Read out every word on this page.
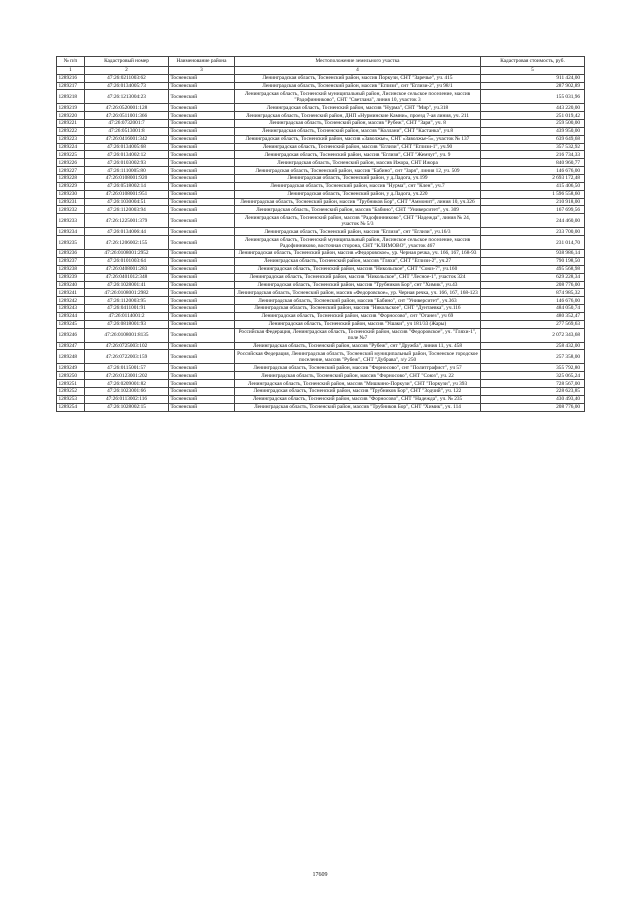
№ п/п	Кадастровый номер	Наименование района	Местоположение земельного участка	Кадастровая стоимость, руб.
1	2	3	4	5
1289216	47:26:0211003:62	Тосненский	Ленинградская область, Тосненский район, массив Поркузи, СНТ "Заречье", уч. 415	911 424,00
1289217	47:26:0134005:73	Тосненский	Ленинградская область, Тосненский район, массив "Еглизи", снт "Еглизи-2", уч 98/1	287 902,89
1289218	47:26:1213004:23	Тосненский	Ленинградская область, Тосненский муниципальный район, Лисинское сельское поселение, массив "Радофинниково", СНТ "Светлана", линия 10, участок 3	155 031,96
1289219	47:26:0520001:128	Тосненский	Ленинградская область, Тосненский район, массив "Нурма", СНТ "Мир", уч.318	443 220,00
1289220	47:26:0511001:366	Тосненский	Ленинградская область, Тосненский район, ДНП «Нурминские Камни», проезд 7-ая линия, уч. 211	251 019,42
1289221	47:26:0732001:7	Тосненский	Ленинградская область, Тосненский район, массив "Рубеж", СНТ "Заря", уч. 8	259 500,00
1289222	47:26:0513001:8	Тосненский	Ленинградская область, Тосненский район, массив "Коллани", СНТ "Кастанка", уч.8	439 950,00
1289223	47:26:0416001:342	Тосненский	Ленинградская область, Тосненский район, массив «Заволжье», СНТ «Заволжье-5», участок № 137	639 649,68
1289224	47:26:0134005:68	Тосненский	Ленинградская область, Тосненский район, массив "Еглизи", СНТ "Еглизи-1", уч.90	357 532,92
1289225	47:26:0134002:12	Тосненский	Ленинградская область, Тосненский район, массив "Еглизи", СНТ "Жемчуг", уч. 9	216 734,33
1289226	47:26:0103002:93	Тосненский	Ленинградская область, Тосненский район, массив Ижора, СНТ Ижора	840 960,77
1289227	47:26:1110005:80	Тосненский	Ленинградская область, Тосненский район, массив "Бабино", снт "Заря", линия 12, уч. 509	146 676,00
1289228	47:26:0108001:920	Тосненский	Ленинградская область, Тосненский район, у д.Ладога, уч.199	2 693 172,48
1289229	47:26:0518002:14	Тосненский	Ленинградская область, Тосненский район, массив "Нурма", снт "Клен", уч.7	415 406,50
1289230	47:26:0108001:951	Тосненский	Ленинградская область, Тосненский район, у д.Ладога, уч.220	1 596 558,60
1289231	47:26:1030004:51	Тосненский	Ленинградская область, Тосненский район, массив "Трубников Бор", СНТ "Аммонит", линия 10, уч.326	210 918,00
1289232	47:26:1120003:94	Тосненский	Ленинградская область, Тосненский район, массив "Бабино", СНТ "Университет", уч. 309	167 699,56
1289233	47:26:1225001:379	Тосненский	Ленинградская область, Тосненский район, массив "Радофинниково", СНТ "Надежда", линия № 24, участок № 5/3	244 460,00
1289234	47:26:0134006:44	Тосненский	Ленинградская область, Тосненский район, массив "Еглизи", снт "Еглизи", уч.16/3	233 700,00
1289235	47:26:1206002:155	Тосненский	Ленинградская область, Тосненский муниципальный район, Лисинское сельское поселение, массив Радофинниково, восточная сторона, СНТ "КЛИМОВО", участок 467	231 014,70
1289236	47:26:0108001:2952	Тосненский	Ленинградская область, Тосненский район, массив «Федоровское», ур. Черная речка, уч. 166, 167, 168-93	938 986,14
1289237	47:26:0101003:64	Тосненский	Ленинградская область, Тосненский район, массив "Гляхи", СНТ "Еглизи-2", уч.27	790 198,50
1289238	47:26:0408001:283	Тосненский	Ленинградская область, Тосненский район, массив "Никольское", СНТ "Союз-7", уч.160	495 568,98
1289239	47:26:0401012:348	Тосненский	Ленинградская область, Тосненский район, массив "Никольское", СНТ "Лесное-1", участок 324	629 228,34
1289240	47:26:1028001:41	Тосненский	Ленинградская область, Тосненский район, массив "Трубников Бор", снт "Химик", уч.43	208 776,00
1289241	47:26:0108001:2982	Тосненский	Ленинградская область, Тосненский район, массив «Федоровское», ур. Черная речка, уч. 166, 167, 168-123	874 985,32
1289242	47:26:1120003:95	Тосненский	Ленинградская область, Тосненский район, массив "Бабино", снт "Университет", уч.363	146 676,00
1289243	47:26:0411001:91	Тосненский	Ленинградская область, Тосненский район, массив "Никольское", СНТ "Дунтаевка", уч.116	484 050,74
1289244	47:26:0114001:2	Тосненский	Ленинградская область, Тосненский район, массив "Форносово", снт "Оганез", уч 69	480 352,47
1289245	47:26:0818001:93	Тосненский	Ленинградская область, Тосненский район, массив "Ушаки", уч 181/33 (Жары)	277 569,63
1289246	47:26:0108001:8135	Тосненский	Российская Федерация, Ленинградская область, Тосненский район, массив "Федоровское", уч. "Гляхи-1", поле №7	2 072 343,68
1289247	47:26:0725003:102	Тосненский	Ленинградская область, Тосненский район, массив "Рубеж", снт "Дружба", линия 11, уч. 458	258 432,00
1289248	47:26:0722003:159	Тосненский	Российская Федерация, Ленинградская область, Тосненский муниципальный район, Тосненское городское поселение, массив "Рубеж", СНТ "Дубрава", з/у 250	257 358,00
1289249	47:26:0115001:57	Тосненский	Ленинградская область, Тосненский район, массив "Форносово", снт "Политграфист", уч 57	355 792,80
1289250	47:26:0123001:202	Тосненский	Ленинградская область, Тосненский район, массив "Форносово", СНТ "Союз", уч. 22	325 065,24
1289251	47:26:0209001:82	Тосненский	Ленинградская область, Тосненский район, массив "Мишкино-Поркузи", СНТ "Поркузи", уч 393	728 567,00
1289252	47:26:1023001:66	Тосненский	Ленинградская область, Тосненский район, массив "Трубников Бор", СНТ "Зодчий", уч. 122	228 623,85
1289253	47:26:0113002:116	Тосненский	Ленинградская область, Тосненский район, массив "Форносово", СНТ "Надежда", уч. № 235	430 493,40
1289254	47:26:1028002:15	Тосненский	Ленинградская область, Тосненский район, массив "Трубников Бор", СНТ "Химик", уч. 114	208 776,00
17609
